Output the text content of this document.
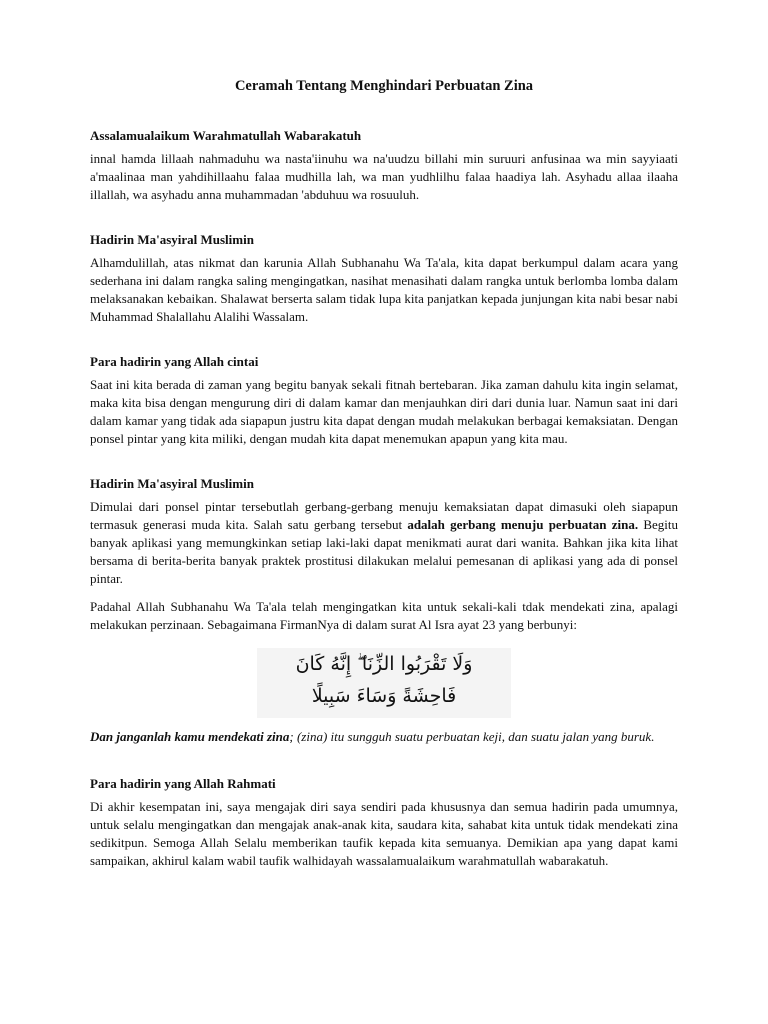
Ceramah Tentang Menghindari Perbuatan Zina
Assalamualaikum Warahmatullah Wabarakatuh
innal hamda lillaah nahmaduhu wa nasta'iinuhu wa na'uudzu billahi min suruuri anfusinaa wa min sayyiaati a'maalinaa man yahdihillaahu falaa mudhilla lah, wa man yudhlilhu falaa haadiya lah. Asyhadu allaa ilaaha illallah, wa asyhadu anna muhammadan 'abduhuu wa rosuuluh.
Hadirin Ma'asyiral Muslimin
Alhamdulillah, atas nikmat dan karunia Allah Subhanahu Wa Ta'ala, kita dapat berkumpul dalam acara yang sederhana ini dalam rangka saling mengingatkan, nasihat menasihati dalam rangka untuk berlomba lomba dalam melaksanakan kebaikan. Shalawat berserta salam tidak lupa kita panjatkan kepada junjungan kita nabi besar nabi Muhammad Shalallahu Alalihi Wassalam.
Para hadirin yang Allah cintai
Saat ini kita berada di zaman yang begitu banyak sekali fitnah bertebaran. Jika zaman dahulu kita ingin selamat, maka kita bisa dengan mengurung diri di dalam kamar dan menjauhkan diri dari dunia luar. Namun saat ini dari dalam kamar yang tidak ada siapapun justru kita dapat dengan mudah melakukan berbagai kemaksiatan. Dengan ponsel pintar yang kita miliki, dengan mudah kita dapat menemukan apapun yang kita mau.
Hadirin Ma'asyiral Muslimin
Dimulai dari ponsel pintar tersebutlah gerbang-gerbang menuju kemaksiatan dapat dimasuki oleh siapapun termasuk generasi muda kita. Salah satu gerbang tersebut adalah gerbang menuju perbuatan zina. Begitu banyak aplikasi yang memungkinkan setiap laki-laki dapat menikmati aurat dari wanita. Bahkan jika kita lihat bersama di berita-berita banyak praktek prostitusi dilakukan melalui pemesanan di aplikasi yang ada di ponsel pintar.
Padahal Allah Subhanahu Wa Ta'ala telah mengingatkan kita untuk sekali-kali tdak mendekati zina, apalagi melakukan perzinaan. Sebagaimana FirmanNya di dalam surat Al Isra ayat 23 yang berbunyi:
وَلَا تَقْرَبُوا الزِّنَا ۖ إِنَّهُ كَانَ
فَاحِشَةً وَسَاءَ سَبِيلًا
Dan janganlah kamu mendekati zina; (zina) itu sungguh suatu perbuatan keji, dan suatu jalan yang buruk.
Para hadirin yang Allah Rahmati
Di akhir kesempatan ini, saya mengajak diri saya sendiri pada khususnya dan semua hadirin pada umumnya, untuk selalu mengingatkan dan mengajak anak-anak kita, saudara kita, sahabat kita untuk tidak mendekati zina sedikitpun. Semoga Allah Selalu memberikan taufik kepada kita semuanya. Demikian apa yang dapat kami sampaikan, akhirul kalam wabil taufik walhidayah wassalamualaikum warahmatullah wabarakatuh.
